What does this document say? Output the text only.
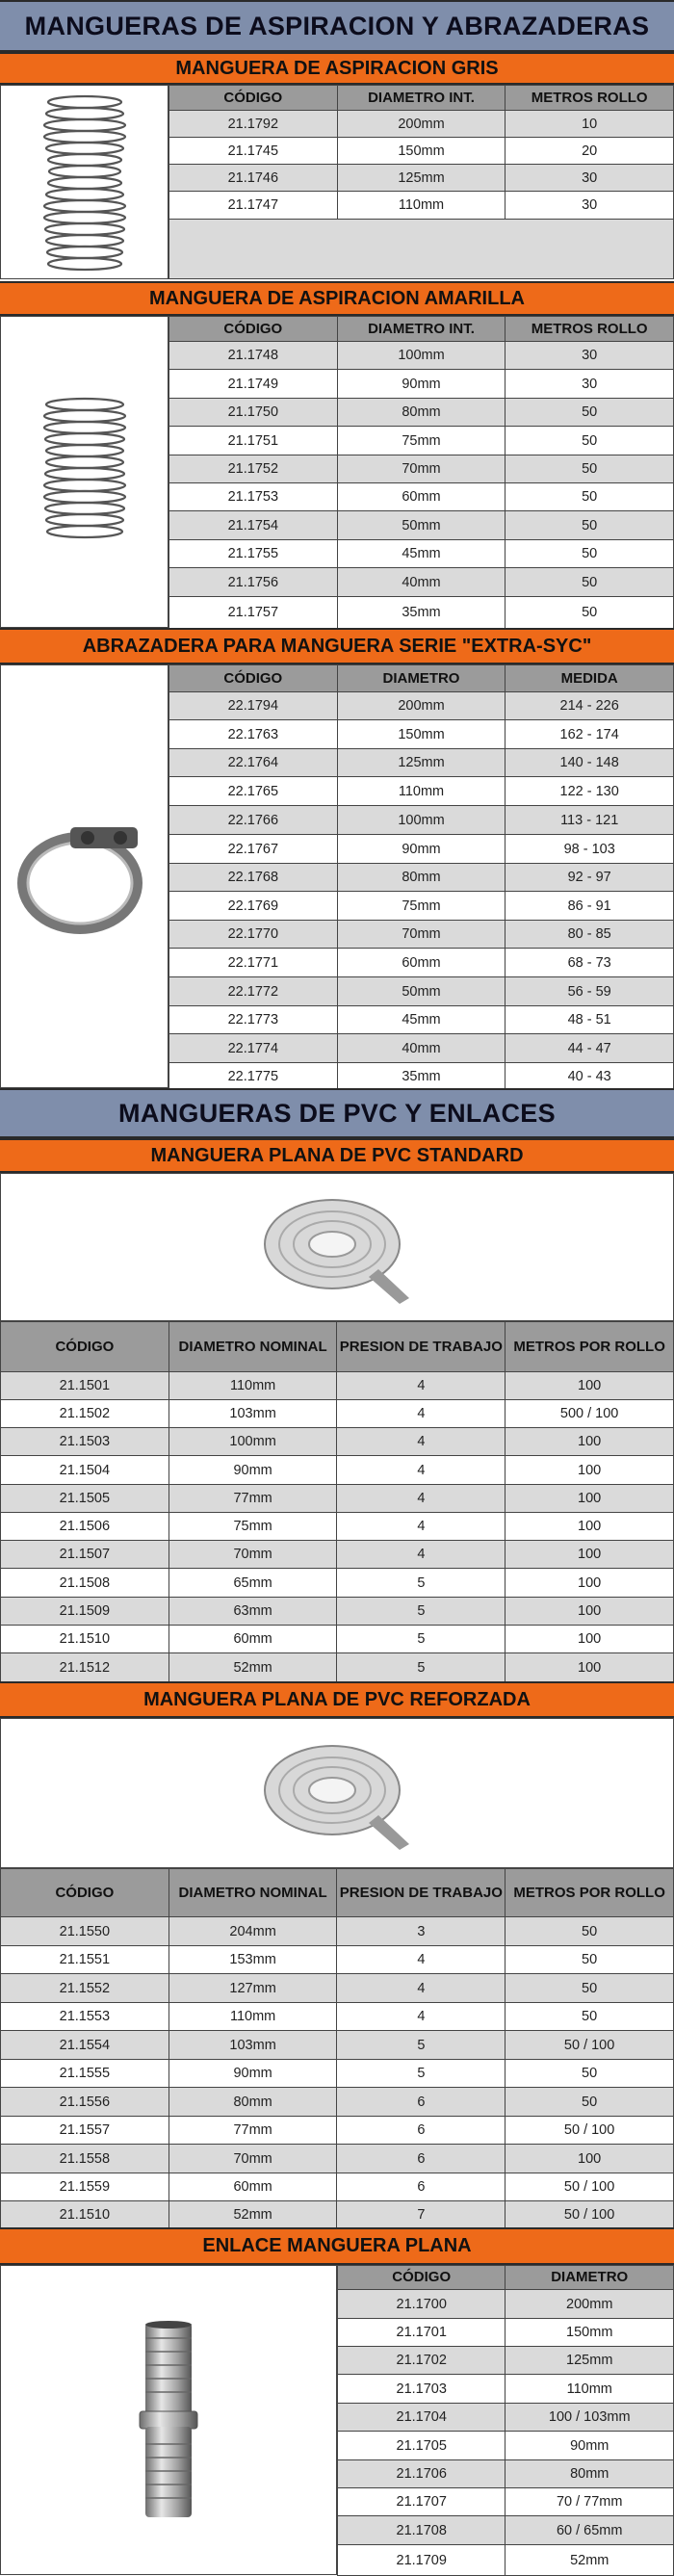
MANGUERAS DE ASPIRACION Y ABRAZADERAS
MANGUERA DE ASPIRACION GRIS
CÓDIGO	DIAMETRO INT.	METROS ROLLO
21.1792	200mm	10
21.1745	150mm	20
21.1746	125mm	30
21.1747	110mm	30
MANGUERA DE ASPIRACION AMARILLA
CÓDIGO	DIAMETRO INT.	METROS ROLLO
21.1748	100mm	30
21.1749	90mm	30
21.1750	80mm	50
21.1751	75mm	50
21.1752	70mm	50
21.1753	60mm	50
21.1754	50mm	50
21.1755	45mm	50
21.1756	40mm	50
21.1757	35mm	50
ABRAZADERA PARA MANGUERA SERIE "EXTRA-SYC"
CÓDIGO	DIAMETRO	MEDIDA
22.1794	200mm	214 - 226
22.1763	150mm	162 - 174
22.1764	125mm	140 - 148
22.1765	110mm	122 - 130
22.1766	100mm	113 - 121
22.1767	90mm	98 - 103
22.1768	80mm	92 - 97
22.1769	75mm	86 - 91
22.1770	70mm	80 - 85
22.1771	60mm	68 - 73
22.1772	50mm	56 - 59
22.1773	45mm	48 - 51
22.1774	40mm	44 - 47
22.1775	35mm	40 - 43
MANGUERAS DE PVC Y ENLACES
MANGUERA PLANA DE PVC STANDARD
CÓDIGO	DIAMETRO NOMINAL	PRESION DE TRABAJO	METROS POR ROLLO
21.1501	110mm	4	100
21.1502	103mm	4	500 / 100
21.1503	100mm	4	100
21.1504	90mm	4	100
21.1505	77mm	4	100
21.1506	75mm	4	100
21.1507	70mm	4	100
21.1508	65mm	5	100
21.1509	63mm	5	100
21.1510	60mm	5	100
21.1512	52mm	5	100
MANGUERA PLANA DE PVC REFORZADA
CÓDIGO	DIAMETRO NOMINAL	PRESION DE TRABAJO	METROS POR ROLLO
21.1550	204mm	3	50
21.1551	153mm	4	50
21.1552	127mm	4	50
21.1553	110mm	4	50
21.1554	103mm	5	50 / 100
21.1555	90mm	5	50
21.1556	80mm	6	50
21.1557	77mm	6	50 / 100
21.1558	70mm	6	100
21.1559	60mm	6	50 / 100
21.1510	52mm	7	50 / 100
ENLACE MANGUERA PLANA
CÓDIGO	DIAMETRO
21.1700	200mm
21.1701	150mm
21.1702	125mm
21.1703	110mm
21.1704	100 / 103mm
21.1705	90mm
21.1706	80mm
21.1707	70 / 77mm
21.1708	60 / 65mm
21.1709	52mm
